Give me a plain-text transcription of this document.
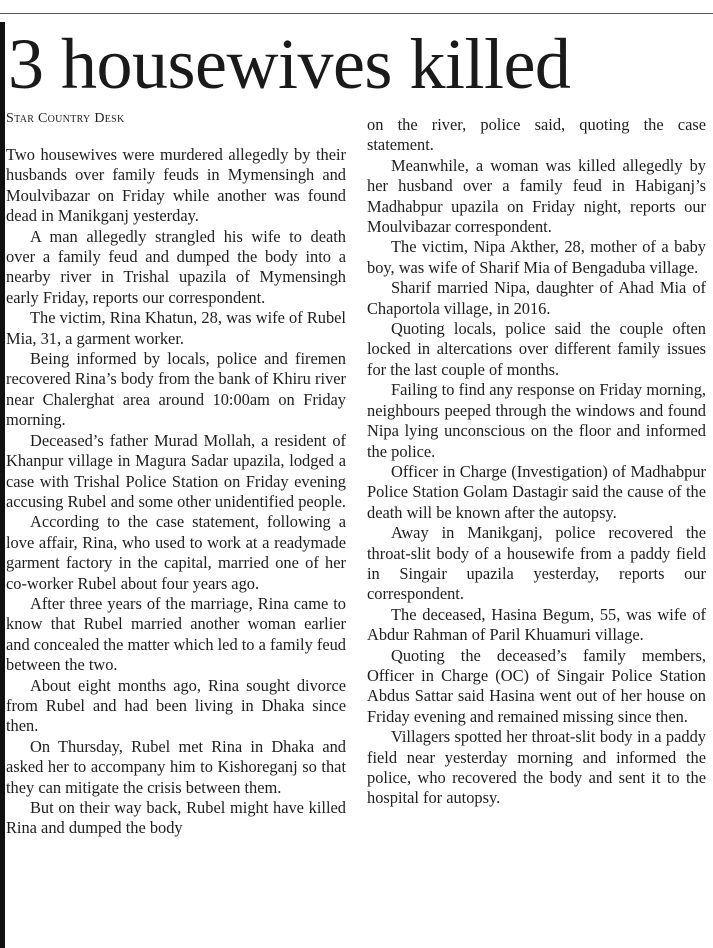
3 housewives killed
Star Country Desk

Two housewives were murdered allegedly by their husbands over family feuds in Mymensingh and Moulvibazar on Friday while another was found dead in Manikganj yesterday.

A man allegedly strangled his wife to death over a family feud and dumped the body into a nearby river in Trishal upazila of Mymensingh early Friday, reports our correspondent.

The victim, Rina Khatun, 28, was wife of Rubel Mia, 31, a garment worker.

Being informed by locals, police and firemen recovered Rina’s body from the bank of Khiru river near Chalerghat area around 10:00am on Friday morning.

Deceased’s father Murad Mollah, a resident of Khanpur village in Magura Sadar upazila, lodged a case with Trishal Police Station on Friday evening accusing Rubel and some other unidentified people.

According to the case statement, following a love affair, Rina, who used to work at a readymade garment factory in the capital, married one of her co-worker Rubel about four years ago.

After three years of the marriage, Rina came to know that Rubel married another woman earlier and concealed the matter which led to a family feud between the two.

About eight months ago, Rina sought divorce from Rubel and had been living in Dhaka since then.

On Thursday, Rubel met Rina in Dhaka and asked her to accompany him to Kishoreganj so that they can mitigate the crisis between them.

But on their way back, Rubel might have killed Rina and dumped the body

on the river, police said, quoting the case statement.

Meanwhile, a woman was killed allegedly by her husband over a family feud in Habiganj’s Madhabpur upazila on Friday night, reports our Moulvibazar correspondent.

The victim, Nipa Akther, 28, mother of a baby boy, was wife of Sharif Mia of Bengaduba village.

Sharif married Nipa, daughter of Ahad Mia of Chaportola village, in 2016.

Quoting locals, police said the couple often locked in altercations over different family issues for the last couple of months.

Failing to find any response on Friday morning, neighbours peeped through the windows and found Nipa lying unconscious on the floor and informed the police.

Officer in Charge (Investigation) of Madhabpur Police Station Golam Dastagir said the cause of the death will be known after the autopsy.

Away in Manikganj, police recovered the throat-slit body of a housewife from a paddy field in Singair upazila yesterday, reports our correspondent.

The deceased, Hasina Begum, 55, was wife of Abdur Rahman of Paril Khuamuri village.

Quoting the deceased’s family members, Officer in Charge (OC) of Singair Police Station Abdus Sattar said Hasina went out of her house on Friday evening and remained missing since then.

Villagers spotted her throat-slit body in a paddy field near yesterday morning and informed the police, who recovered the body and sent it to the hospital for autopsy.
